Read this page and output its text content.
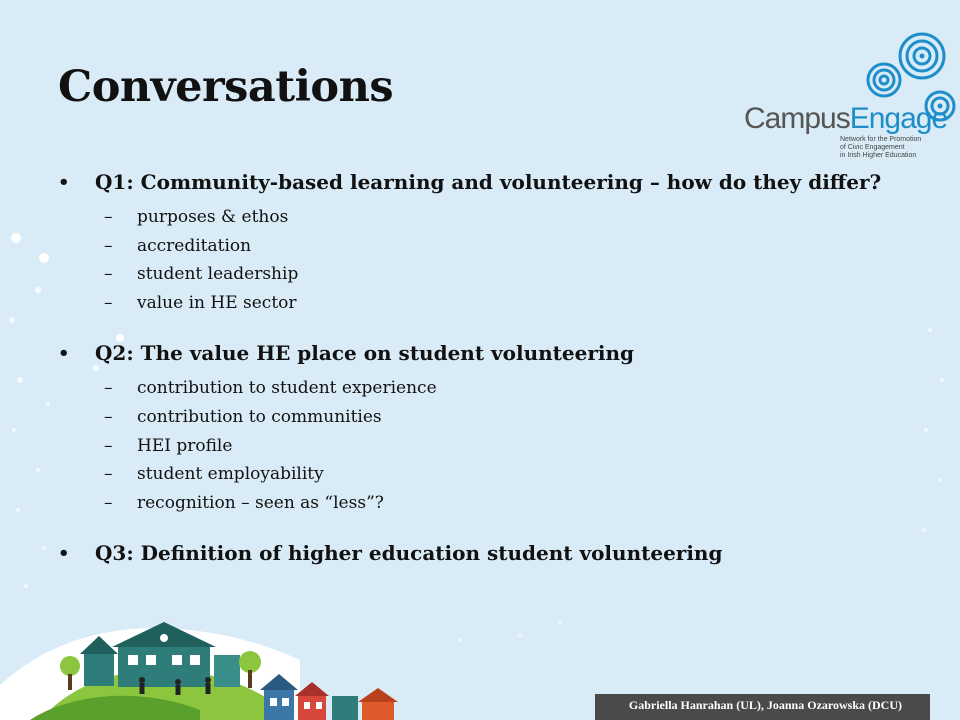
Conversations
CampusEngage
Network for the Promotion
of Civic Engagement
in Irish Higher Education
• Q1: Community-based learning and volunteering – how do they differ?
– purposes & ethos
– accreditation
– student leadership
– value in HE sector
• Q2: The value HE place on student volunteering
– contribution to student experience
– contribution to communities
– HEI profile
– student employability
– recognition – seen as “less”?
• Q3: Definition of higher education student volunteering
Gabriella Hanrahan (UL), Joanna Ozarowska (DCU)
